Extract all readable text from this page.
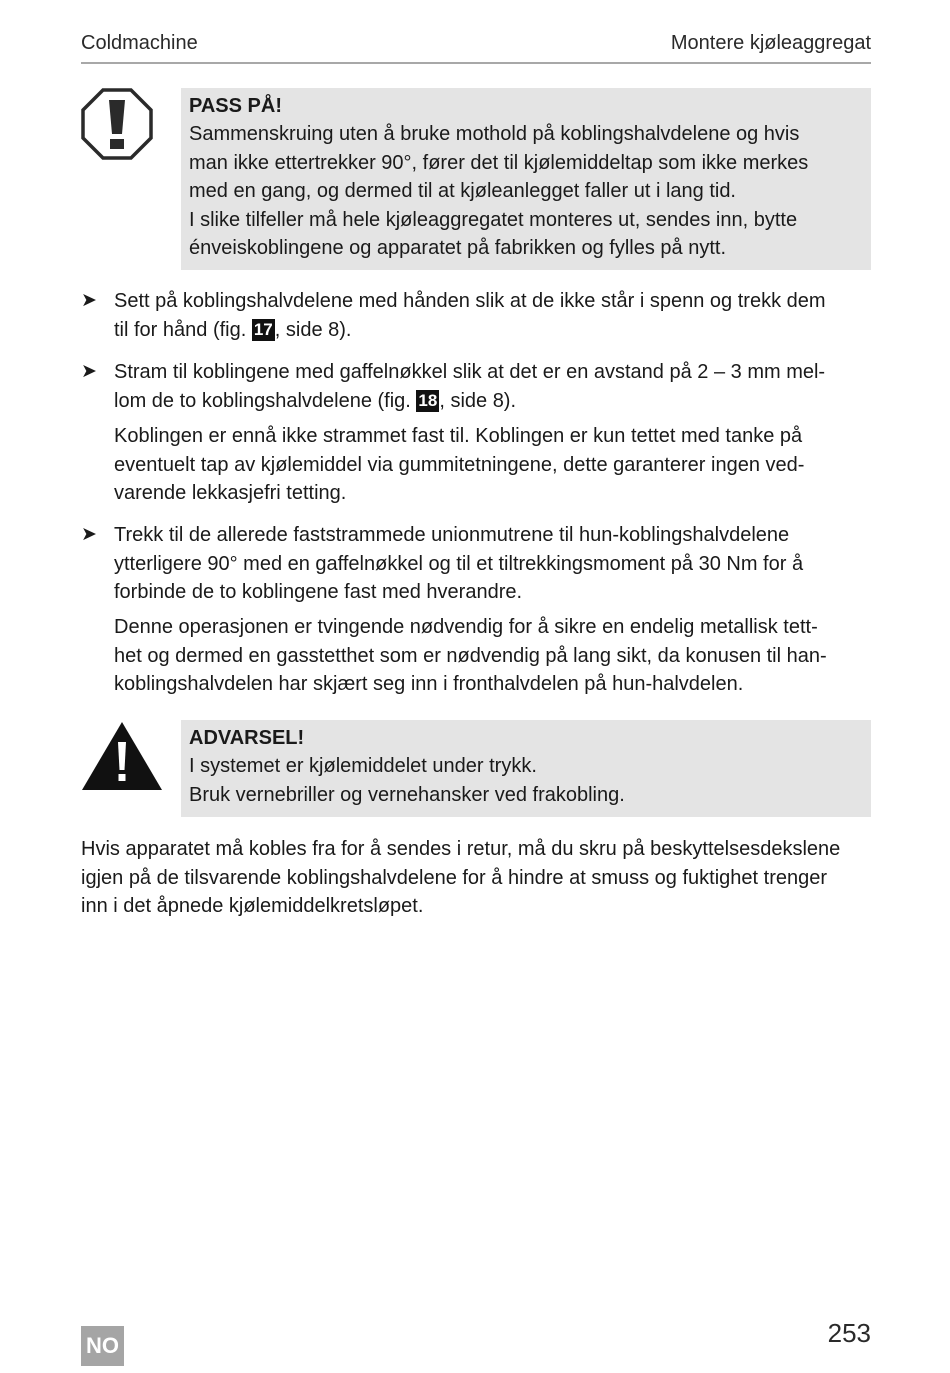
Coldmachine	Montere kjøleaggregat
PASS PÅ!
Sammenskruing uten å bruke mothold på koblingshalvdelene og hvis
man ikke ettertrekker 90°, fører det til kjølemiddeltap som ikke merkes
med en gang, og dermed til at kjøleanlegget faller ut i lang tid.
I slike tilfeller må hele kjøleaggregatet monteres ut, sendes inn, bytte
énveiskoblingene og apparatet på fabrikken og fylles på nytt.
➤ Sett på koblingshalvdelene med hånden slik at de ikke står i spenn og trekk dem
til for hånd (fig. 17 , side 8).
➤ Stram til koblingene med gaffelnøkkel slik at det er en avstand på 2 – 3 mm mel-
lom de to koblingshalvdelene (fig. 18 , side 8).
Koblingen er ennå ikke strammet fast til. Koblingen er kun tettet med tanke på
eventuelt tap av kjølemiddel via gummitetningene, dette garanterer ingen ved-
varende lekkasjefri tetting.
➤ Trekk til de allerede faststrammede unionmutrene til hun-koblingshalvdelene
ytterligere 90° med en gaffelnøkkel og til et tiltrekkingsmoment på 30 Nm for å
forbinde de to koblingene fast med hverandre.
Denne operasjonen er tvingende nødvendig for å sikre en endelig metallisk tett-
het og dermed en gasstetthet som er nødvendig på lang sikt, da konusen til han-
koblingshalvdelen har skjært seg inn i fronthalvdelen på hun-halvdelen.
ADVARSEL!
I systemet er kjølemiddelet under trykk.
Bruk vernebriller og vernehansker ved frakobling.
Hvis apparatet må kobles fra for å sendes i retur, må du skru på beskyttelsesdekslene
igjen på de tilsvarende koblingshalvdelene for å hindre at smuss og fuktighet trenger
inn i det åpnede kjølemiddelkretsløpet.
NO	253
